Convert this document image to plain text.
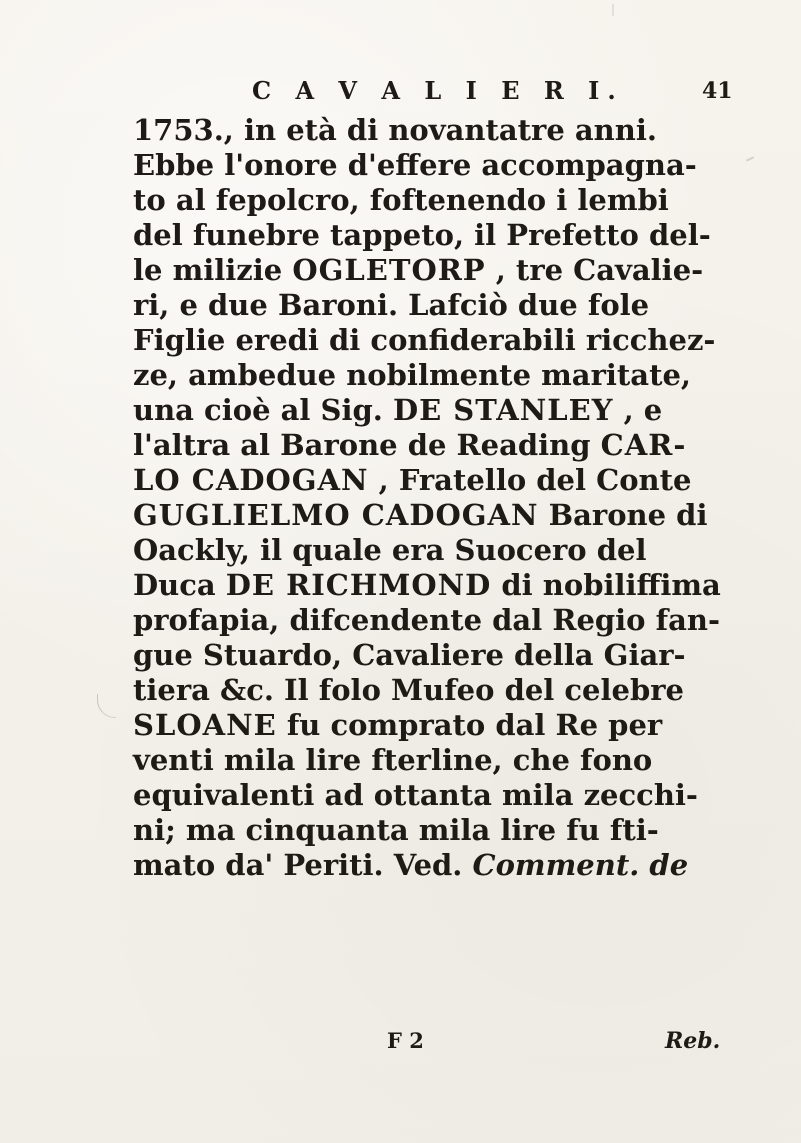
C A V A L I E R I.	41
1753., in età di novantatre anni.
Ebbe l'onore d'effere accompagna-
to al fepolcro, foftenendo i lembi
del funebre tappeto, il Prefetto del-
le milizie OGLETORP , tre Cavalie-
ri, e due Baroni. Lafciò due fole
Figlie eredi di confiderabili ricchez-
ze, ambedue nobilmente maritate,
una cioè al Sig. DE STANLEY , e
l'altra al Barone de Reading CAR-
LO CADOGAN , Fratello del Conte
GUGLIELMO CADOGAN Barone di
Oackly, il quale era Suocero del
Duca DE RICHMOND di nobiliffima
profapia, difcendente dal Regio fan-
gue Stuardo, Cavaliere della Giar-
tiera &c. Il folo Mufeo del celebre
SLOANE fu comprato dal Re per
venti mila lire fterline, che fono
equivalenti ad ottanta mila zecchi-
ni; ma cinquanta mila lire fu fti-
mato da' Periti. Ved. Comment. de
F 2	Reb.
